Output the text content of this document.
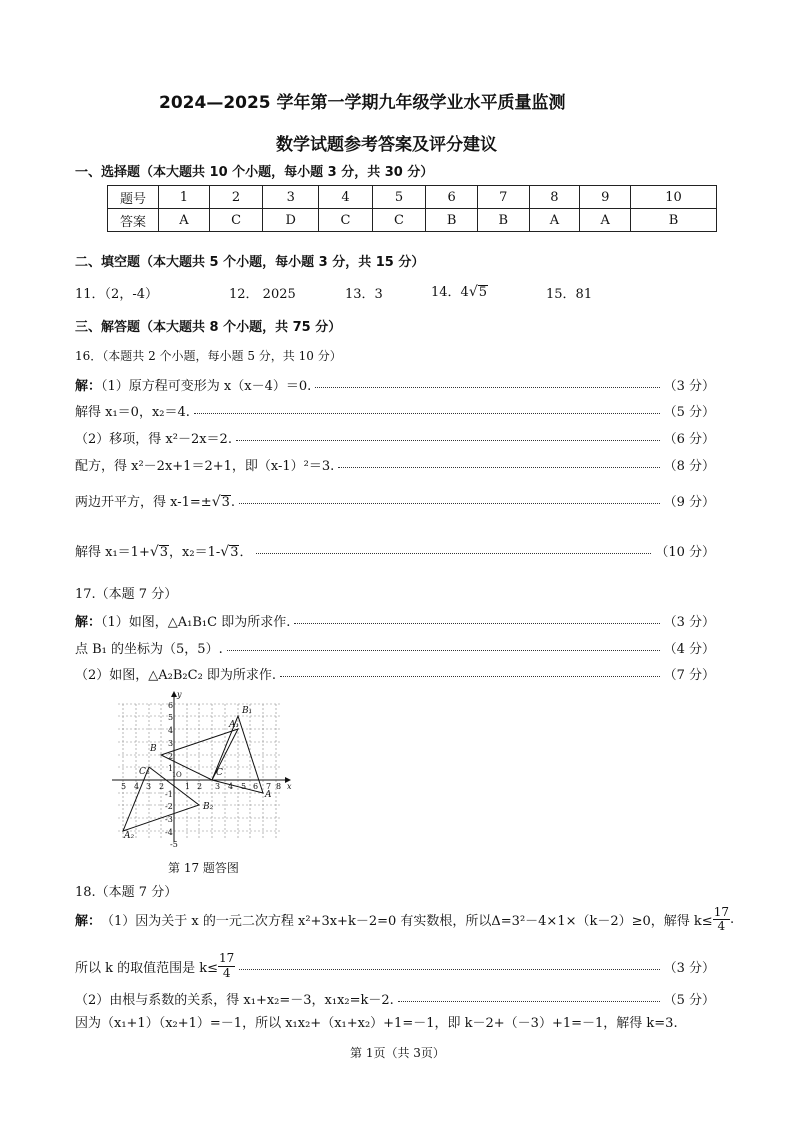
2024—2025 学年第一学期九年级学业水平质量监测
数学试题参考答案及评分建议
一、选择题（本大题共 10 个小题，每小题 3 分，共 30 分）
题号	1	2	3	4	5	6	7	8	9	10
答案	A	C	D	C	C	B	B	A	A	B
二、填空题（本大题共 5 个小题，每小题 3 分，共 15 分）
11．（2，-4）	12． 2025	13．3	14．4√5	15．81
三、解答题（本大题共 8 个小题，共 75 分）
16．（本题共 2 个小题，每小题 5 分，共 10 分）
解：（1）原方程可变形为 x（x－4）＝0.	（3 分）
解得 x₁＝0，x₂＝4.	（5 分）
（2）移项，得 x²－2x＝2.	（6 分）
配方，得 x²－2x+1＝2+1，即（x-1）²＝3.	（8 分）
两边开平方，得 x-1=±√3.	（9 分）
解得 x₁＝1+√3，x₂＝1-√3．	（10 分）
17.（本题 7 分）
解：（1）如图，△A₁B₁C 即为所求作.	（3 分）
点 B₁ 的坐标为（5，5）.	（4 分）
（2）如图，△A₂B₂C₂ 即为所求作.	（7 分）
6
5
4
3
2
1
-1
-2
-3
-4
-5
5 4 3 2
1 O
1 2 3 4 5 6 7 8 x
y
B₁
A₁
B
C
A
C₂
B₂
A₂
第 17 题答图
18.（本题 7 分）
解： （1）因为关于 x 的一元二次方程 x²+3x+k－2=0 有实数根，所以Δ=3²－4×1×（k－2）≥0，解得 $k\le \frac{17}{4}$ .
所以 k 的取值范围是 $k\le \frac{17}{4}$	（3 分）
（2）由根与系数的关系，得 x₁+x₂=－3，x₁x₂=k－2.	（5 分）
因为（x₁+1）（x₂+1）=－1，所以 x₁x₂+（x₁+x₂）+1=－1，即 k－2+（－3）+1=－1，解得 k=3.
第 1页（共 3页）
